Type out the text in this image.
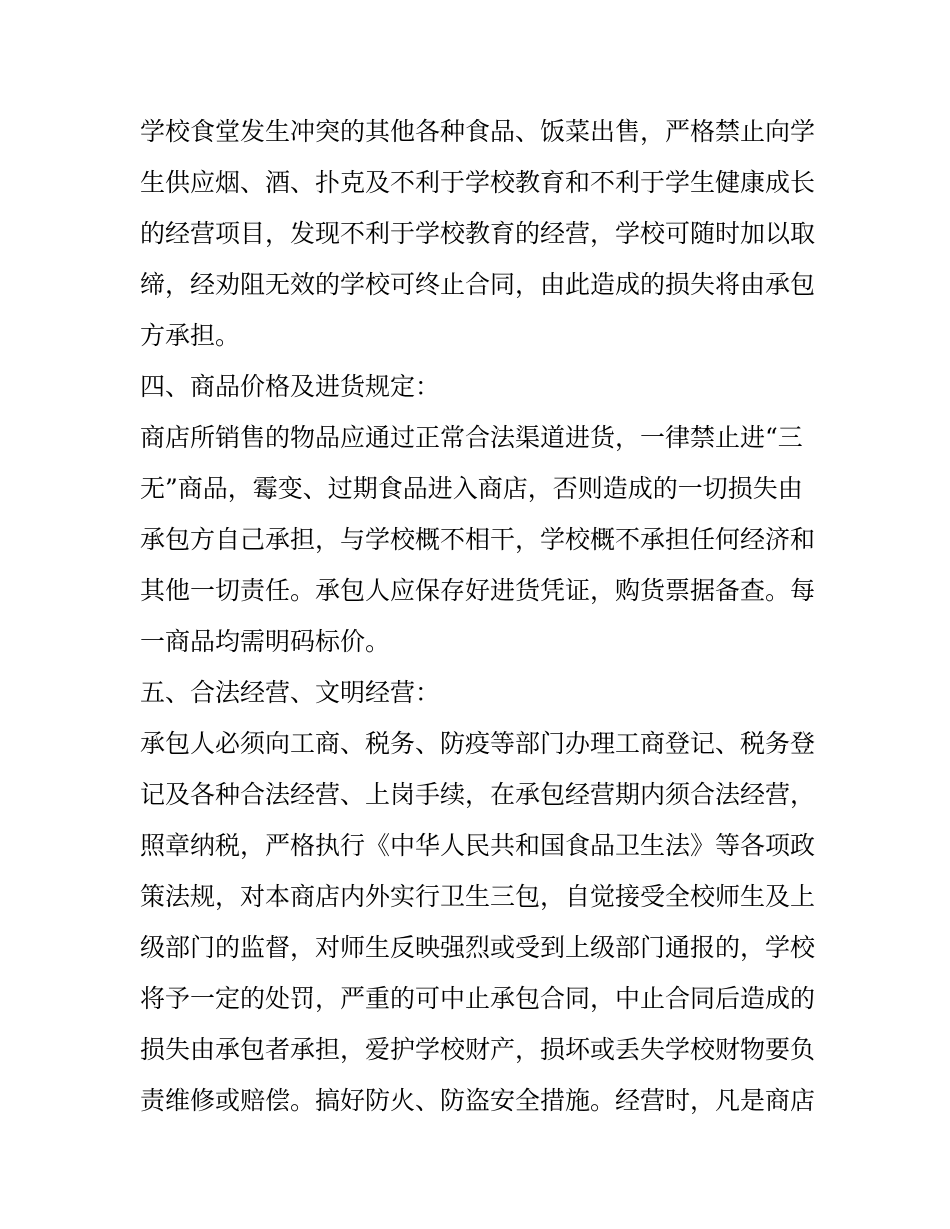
学校食堂发生冲突的其他各种食品、饭菜出售，严格禁止向学
生供应烟、酒、扑克及不利于学校教育和不利于学生健康成长
的经营项目，发现不利于学校教育的经营，学校可随时加以取
缔，经劝阻无效的学校可终止合同，由此造成的损失将由承包
方承担。
四、商品价格及进货规定：
商店所销售的物品应通过正常合法渠道进货，一律禁止进“三
无”商品，霉变、过期食品进入商店，否则造成的一切损失由
承包方自己承担，与学校概不相干，学校概不承担任何经济和
其他一切责任。承包人应保存好进货凭证，购货票据备查。每
一商品均需明码标价。
五、合法经营、文明经营：
承包人必须向工商、税务、防疫等部门办理工商登记、税务登
记及各种合法经营、上岗手续，在承包经营期内须合法经营，
照章纳税，严格执行《中华人民共和国食品卫生法》等各项政
策法规，对本商店内外实行卫生三包，自觉接受全校师生及上
级部门的监督，对师生反映强烈或受到上级部门通报的，学校
将予一定的处罚，严重的可中止承包合同，中止合同后造成的
损失由承包者承担，爱护学校财产，损坏或丢失学校财物要负
责维修或赔偿。搞好防火、防盗安全措施。经营时，凡是商店
